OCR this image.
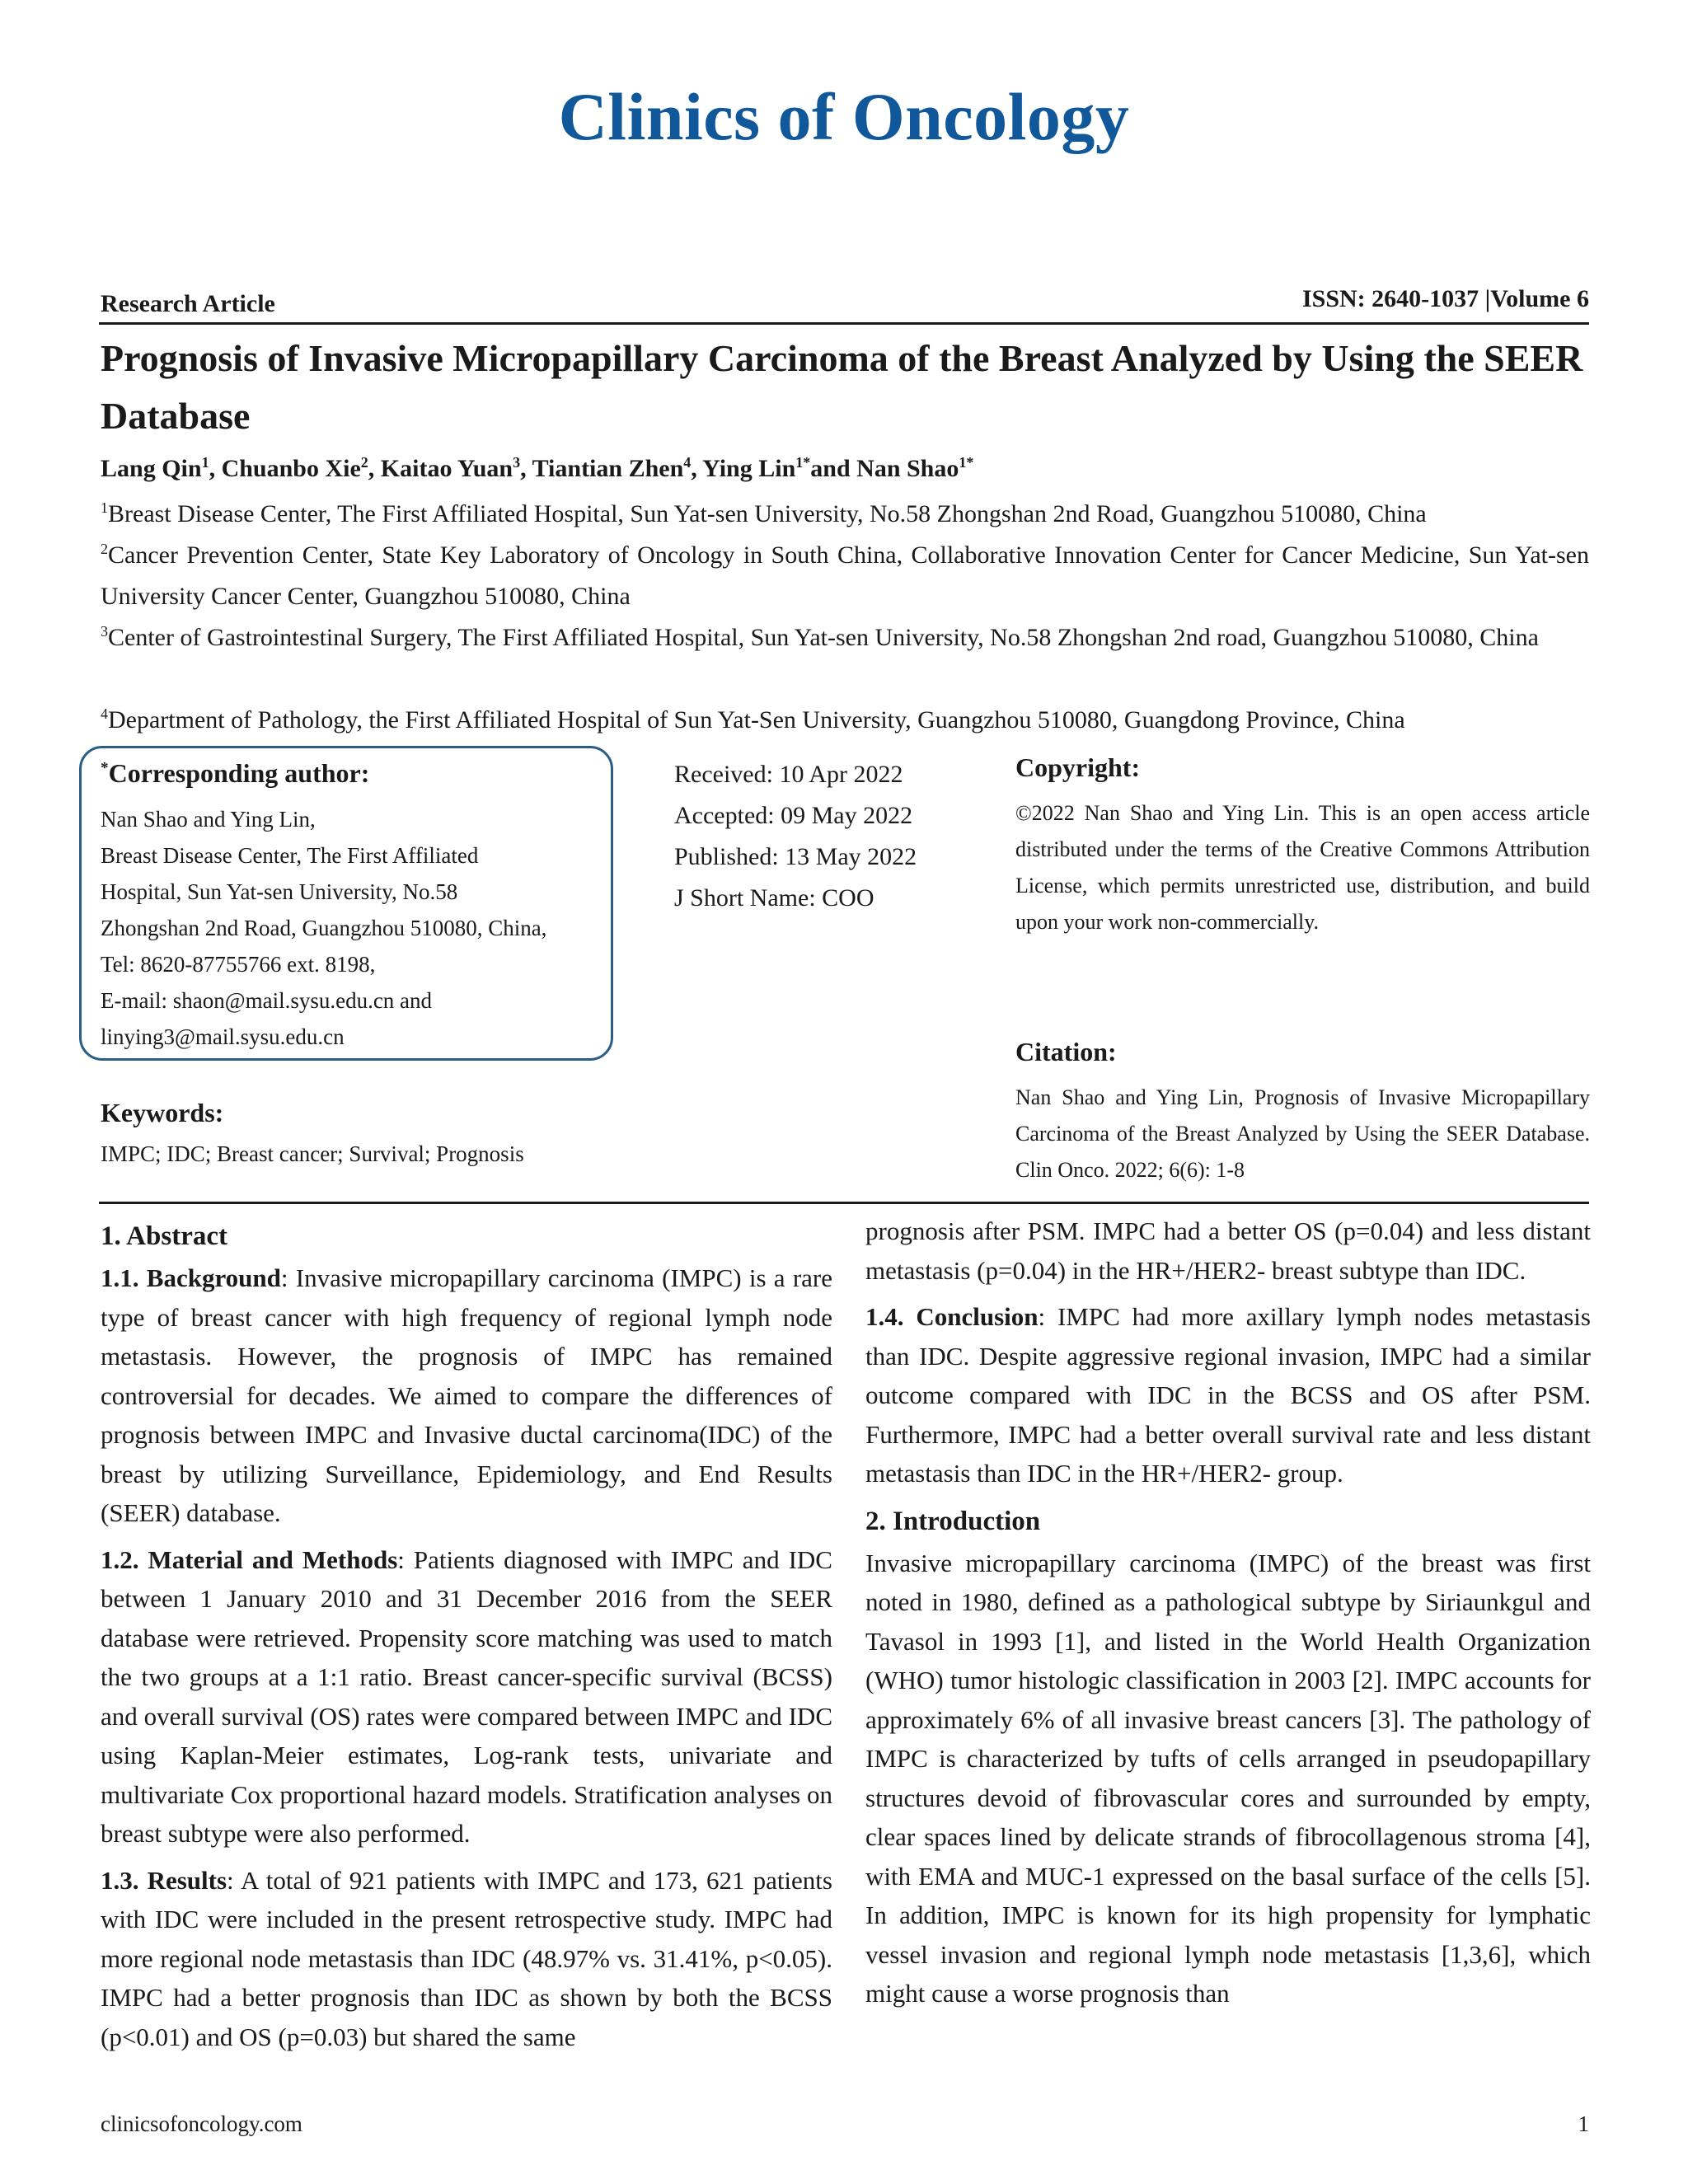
Clinics of Oncology
Research Article	ISSN: 2640-1037 |Volume 6
Prognosis of Invasive Micropapillary Carcinoma of the Breast Analyzed by Using the SEER Database
Lang Qin$^1$, Chuanbo Xie$^2$, Kaitao Yuan$^3$, Tiantian Zhen$^4$, Ying Lin$^{1*}$and Nan Shao$^{1*}$
$^1$Breast Disease Center, The First Affiliated Hospital, Sun Yat-sen University, No.58 Zhongshan 2nd Road, Guangzhou 510080, China
$^2$Cancer Prevention Center, State Key Laboratory of Oncology in South China, Collaborative Innovation Center for Cancer Medicine, Sun Yat-sen University Cancer Center, Guangzhou 510080, China
$^3$Center of Gastrointestinal Surgery, The First Affiliated Hospital, Sun Yat-sen University, No.58 Zhongshan 2nd road, Guangzhou 510080, China
$^4$Department of Pathology, the First Affiliated Hospital of Sun Yat-Sen University, Guangzhou 510080, Guangdong Province, China
*Corresponding author:
Nan Shao and Ying Lin,
Breast Disease Center, The First Affiliated
Hospital, Sun Yat-sen University, No.58
Zhongshan 2nd Road, Guangzhou 510080, China,
Tel: 8620-87755766 ext. 8198,
E-mail: shaon@mail.sysu.edu.cn and
linying3@mail.sysu.edu.cn
Received: 10 Apr 2022
Accepted: 09 May 2022
Published: 13 May 2022
J Short Name: COO
Copyright:
©2022 Nan Shao and Ying Lin. This is an open access article distributed under the terms of the Creative Commons Attribution License, which permits unrestricted use, distribution, and build upon your work non-commercially.
Citation:
Nan Shao and Ying Lin, Prognosis of Invasive Micropapillary Carcinoma of the Breast Analyzed by Using the SEER Database. Clin Onco. 2022; 6(6): 1-8
Keywords:
IMPC; IDC; Breast cancer; Survival; Prognosis
1. Abstract

1.1. Background: Invasive micropapillary carcinoma (IMPC) is a rare type of breast cancer with high frequency of regional lymph node metastasis. However, the prognosis of IMPC has remained controversial for decades. We aimed to compare the differences of prognosis between IMPC and Invasive ductal carcinoma(IDC) of the breast by utilizing Surveillance, Epidemiology, and End Results (SEER) database.

1.2. Material and Methods: Patients diagnosed with IMPC and IDC between 1 January 2010 and 31 December 2016 from the SEER database were retrieved. Propensity score matching was used to match the two groups at a 1:1 ratio. Breast cancer-specific survival (BCSS) and overall survival (OS) rates were compared between IMPC and IDC using Kaplan-Meier estimates, Log-rank tests, univariate and multivariate Cox proportional hazard models. Stratification analyses on breast subtype were also performed.

1.3. Results: A total of 921 patients with IMPC and 173, 621 patients with IDC were included in the present retrospective study. IMPC had more regional node metastasis than IDC (48.97% vs. 31.41%, p<0.05). IMPC had a better prognosis than IDC as shown by both the BCSS (p<0.01) and OS (p=0.03) but shared the same

prognosis after PSM. IMPC had a better OS (p=0.04) and less distant metastasis (p=0.04) in the HR+/HER2- breast subtype than IDC.

1.4. Conclusion: IMPC had more axillary lymph nodes metastasis than IDC. Despite aggressive regional invasion, IMPC had a similar outcome compared with IDC in the BCSS and OS after PSM. Furthermore, IMPC had a better overall survival rate and less distant metastasis than IDC in the HR+/HER2- group.

2. Introduction

Invasive micropapillary carcinoma (IMPC) of the breast was first noted in 1980, defined as a pathological subtype by Siriaunkgul and Tavasol in 1993 [1], and listed in the World Health Organization (WHO) tumor histologic classification in 2003 [2]. IMPC accounts for approximately 6% of all invasive breast cancers [3]. The pathology of IMPC is characterized by tufts of cells arranged in pseudopapillary structures devoid of fibrovascular cores and surrounded by empty, clear spaces lined by delicate strands of fibrocollagenous stroma [4], with EMA and MUC-1 expressed on the basal surface of the cells [5]. In addition, IMPC is known for its high propensity for lymphatic vessel invasion and regional lymph node metastasis [1,3,6], which might cause a worse prognosis than

clinicsofoncology.com	1
